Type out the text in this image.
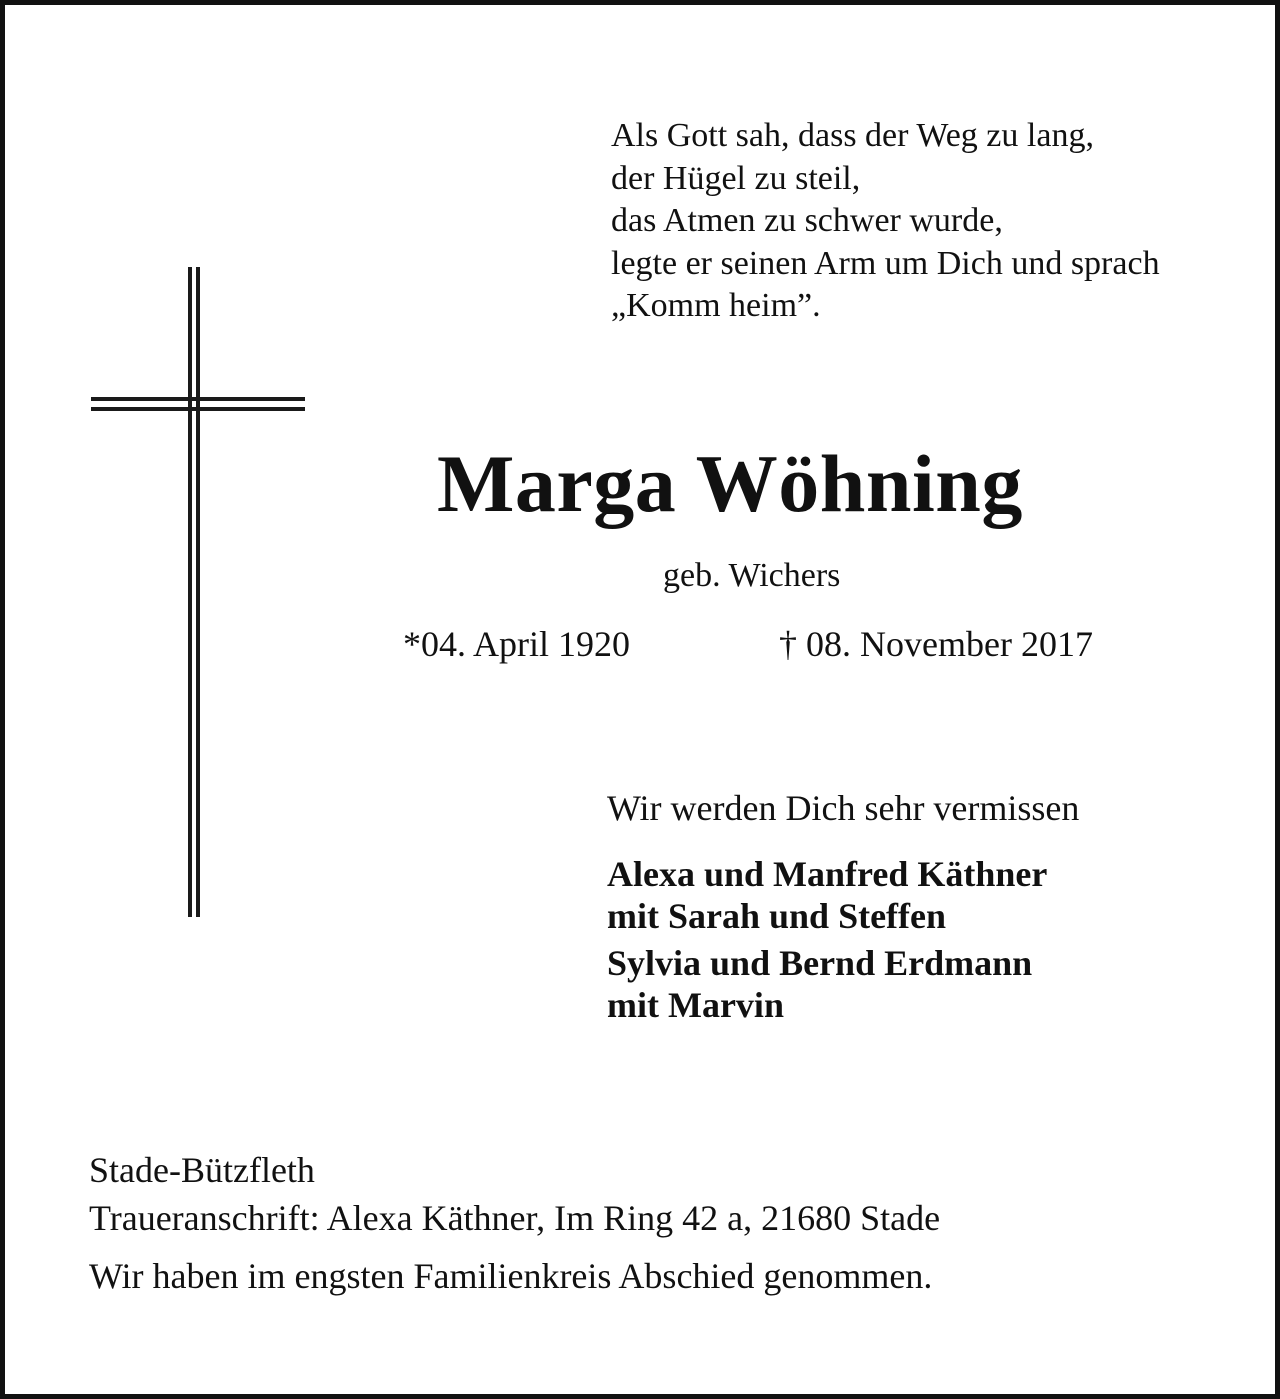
Als Gott sah, dass der Weg zu lang,
der Hügel zu steil,
das Atmen zu schwer wurde,
legte er seinen Arm um Dich und sprach
„Komm heim”.
Marga Wöhning
geb. Wichers
*04. April 1920	† 08. November 2017
Wir werden Dich sehr vermissen
Alexa und Manfred Käthner
mit Sarah und Steffen
Sylvia und Bernd Erdmann
mit Marvin
Stade-Bützfleth
Traueranschrift: Alexa Käthner, Im Ring 42 a, 21680 Stade
Wir haben im engsten Familienkreis Abschied genommen.
